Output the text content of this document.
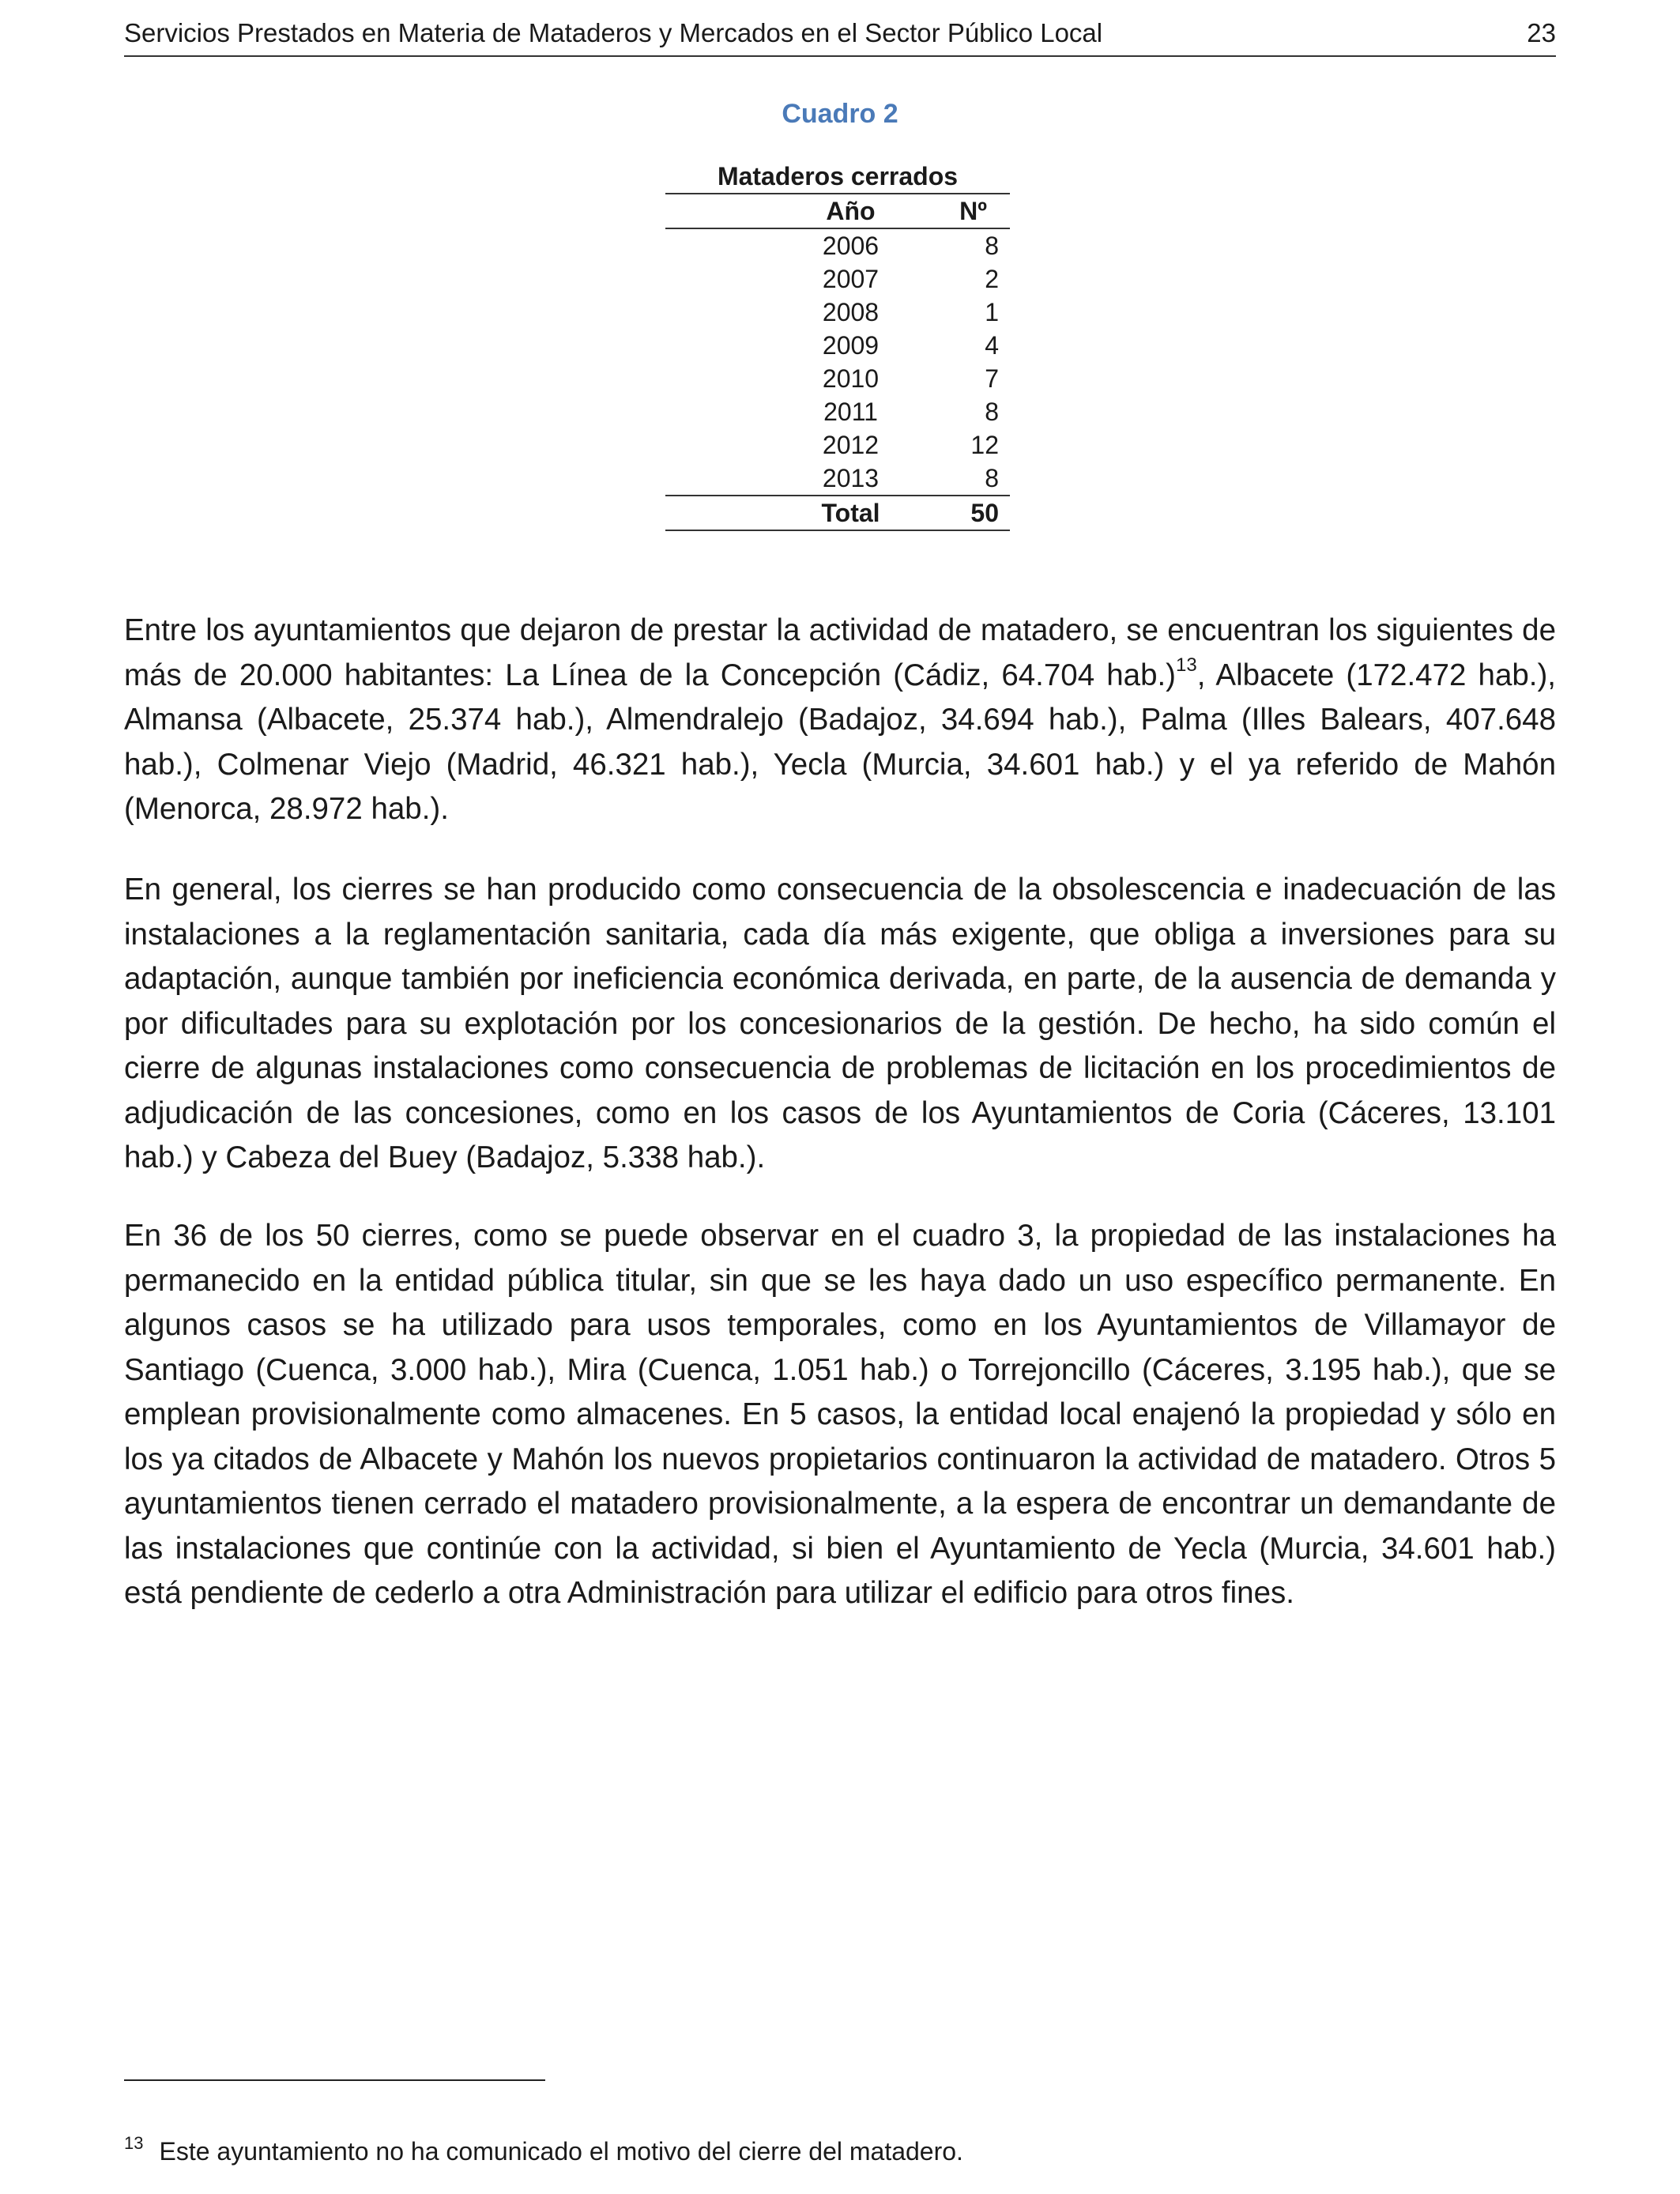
Servicios Prestados en Materia de Mataderos y Mercados en el Sector Público Local	23
Cuadro 2
Mataderos cerrados
Año	Nº
2006	8
2007	2
2008	1
2009	4
2010	7
2011	8
2012	12
2013	8
Total	50
Entre los ayuntamientos que dejaron de prestar la actividad de matadero, se encuentran los siguientes de más de 20.000 habitantes: La Línea de la Concepción (Cádiz, 64.704 hab.)$^{13}$, Albacete (172.472 hab.), Almansa (Albacete, 25.374 hab.), Almendralejo (Badajoz, 34.694 hab.), Palma (Illes Balears, 407.648 hab.), Colmenar Viejo (Madrid, 46.321 hab.), Yecla (Murcia, 34.601 hab.) y el ya referido de Mahón (Menorca, 28.972 hab.).
En general, los cierres se han producido como consecuencia de la obsolescencia e inadecuación de las instalaciones a la reglamentación sanitaria, cada día más exigente, que obliga a inversiones para su adaptación, aunque también por ineficiencia económica derivada, en parte, de la ausencia de demanda y por dificultades para su explotación por los concesionarios de la gestión. De hecho, ha sido común el cierre de algunas instalaciones como consecuencia de problemas de licitación en los procedimientos de adjudicación de las concesiones, como en los casos de los Ayuntamientos de Coria (Cáceres, 13.101 hab.) y Cabeza del Buey (Badajoz, 5.338 hab.).
En 36 de los 50 cierres, como se puede observar en el cuadro 3, la propiedad de las instalaciones ha permanecido en la entidad pública titular, sin que se les haya dado un uso específico permanente. En algunos casos se ha utilizado para usos temporales, como en los Ayuntamientos de Villamayor de Santiago (Cuenca, 3.000 hab.), Mira (Cuenca, 1.051 hab.) o Torrejoncillo (Cáceres, 3.195 hab.), que se emplean provisionalmente como almacenes. En 5 casos, la entidad local enajenó la propiedad y sólo en los ya citados de Albacete y Mahón los nuevos propietarios continuaron la actividad de matadero. Otros 5 ayuntamientos tienen cerrado el matadero provisionalmente, a la espera de encontrar un demandante de las instalaciones que continúe con la actividad, si bien el Ayuntamiento de Yecla (Murcia, 34.601 hab.) está pendiente de cederlo a otra Administración para utilizar el edificio para otros fines.
$^{13}$ Este ayuntamiento no ha comunicado el motivo del cierre del matadero.
